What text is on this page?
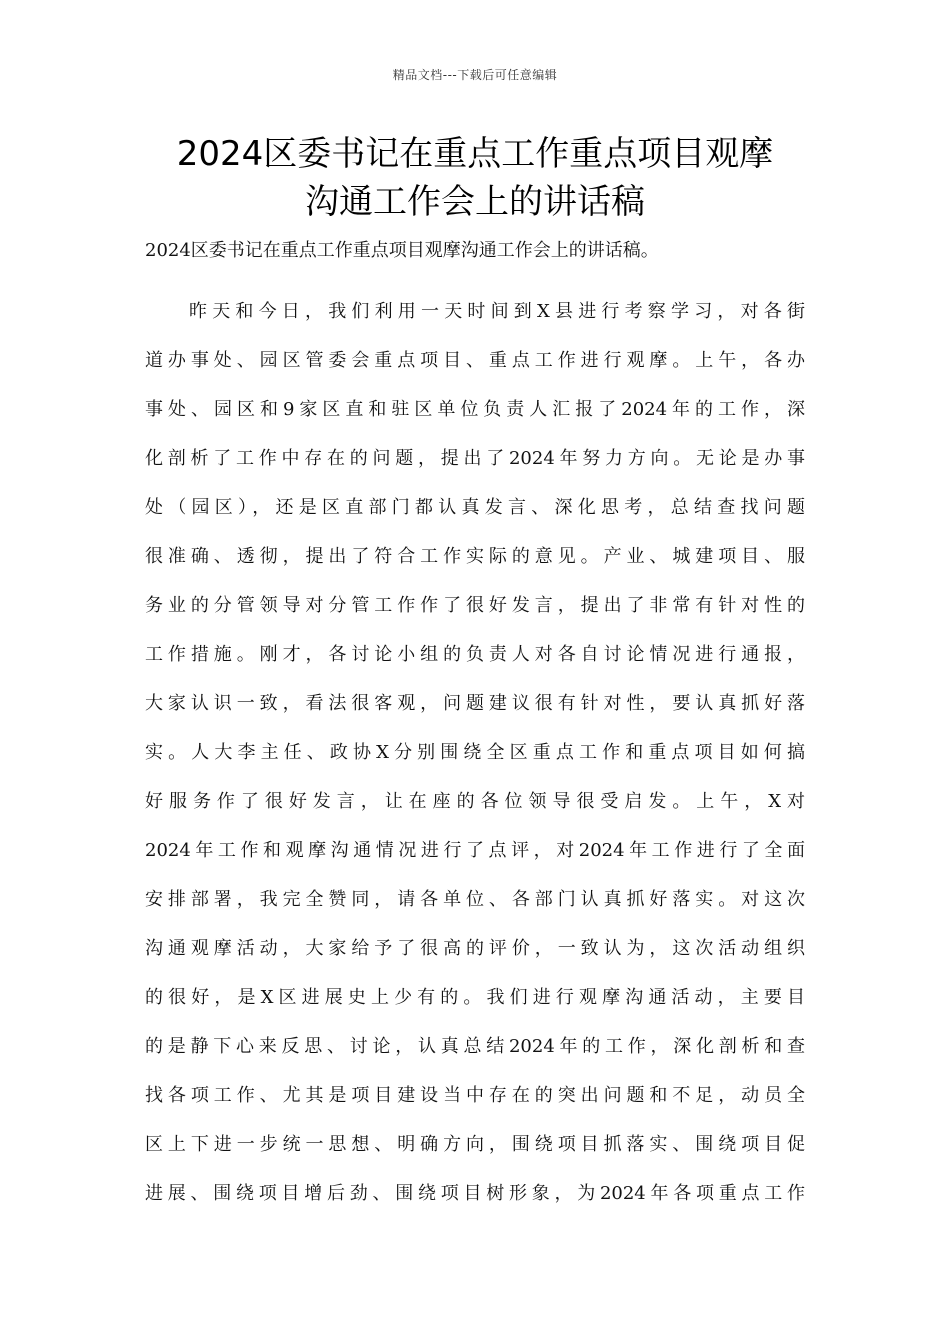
精品文档---下载后可任意编辑
2024区委书记在重点工作重点项目观摩
沟通工作会上的讲话稿

2024区委书记在重点工作重点项目观摩沟通工作会上的讲话稿。

昨天和今日，我们利用一天时间到X县进行考察学习，对各街
道办事处、园区管委会重点项目、重点工作进行观摩。上午，各办
事处、园区和9家区直和驻区单位负责人汇报了2024年的工作，深
化剖析了工作中存在的问题，提出了2024年努力方向。无论是办事
处（园区），还是区直部门都认真发言、深化思考，总结查找问题
很准确、透彻，提出了符合工作实际的意见。产业、城建项目、服
务业的分管领导对分管工作作了很好发言，提出了非常有针对性的
工作措施。刚才，各讨论小组的负责人对各自讨论情况进行通报，
大家认识一致，看法很客观，问题建议很有针对性，要认真抓好落
实。人大李主任、政协X分别围绕全区重点工作和重点项目如何搞
好服务作了很好发言，让在座的各位领导很受启发。上午，X对
2024年工作和观摩沟通情况进行了点评，对2024年工作进行了全面
安排部署，我完全赞同，请各单位、各部门认真抓好落实。对这次
沟通观摩活动，大家给予了很高的评价，一致认为，这次活动组织
的很好，是X区进展史上少有的。我们进行观摩沟通活动，主要目
的是静下心来反思、讨论，认真总结2024年的工作，深化剖析和查
找各项工作、尤其是项目建设当中存在的突出问题和不足，动员全
区上下进一步统一思想、明确方向，围绕项目抓落实、围绕项目促
进展、围绕项目增后劲、围绕项目树形象，为2024年各项重点工作
